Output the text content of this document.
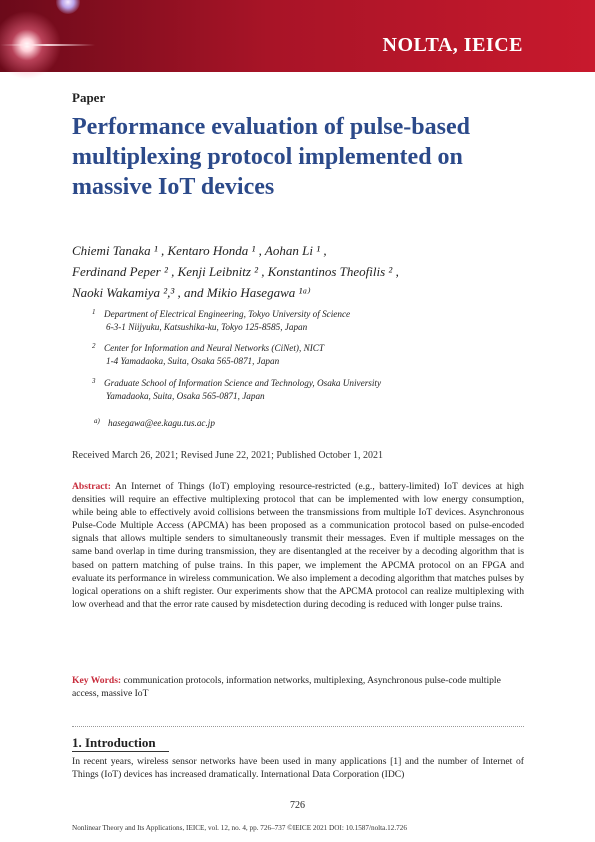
NOLTA, IEICE
Paper
Performance evaluation of pulse-based
multiplexing protocol implemented on
massive IoT devices
Chiemi Tanaka ¹ , Kentaro Honda ¹ , Aohan Li ¹ ,
Ferdinand Peper ² , Kenji Leibnitz ² , Konstantinos Theofilis ² ,
Naoki Wakamiya ²,³ , and Mikio Hasegawa ¹ᵃ⁾
1 Department of Electrical Engineering, Tokyo University of Science
6-3-1 Niijyuku, Katsushika-ku, Tokyo 125-8585, Japan
2 Center for Information and Neural Networks (CiNet), NICT
1-4 Yamadaoka, Suita, Osaka 565-0871, Japan
3 Graduate School of Information Science and Technology, Osaka University
Yamadaoka, Suita, Osaka 565-0871, Japan
a) hasegawa@ee.kagu.tus.ac.jp
Received March 26, 2021; Revised June 22, 2021; Published October 1, 2021
Abstract: An Internet of Things (IoT) employing resource-restricted (e.g., battery-limited) IoT devices at high densities will require an effective multiplexing protocol that can be implemented with low energy consumption, while being able to effectively avoid collisions between the transmissions from multiple IoT devices. Asynchronous Pulse-Code Multiple Access (APCMA) has been proposed as a communication protocol based on pulse-encoded signals that allows multiple senders to simultaneously transmit their messages. Even if multiple messages on the same band overlap in time during transmission, they are disentangled at the receiver by a decoding algorithm that is based on pattern matching of pulse trains. In this paper, we implement the APCMA protocol on an FPGA and evaluate its performance in wireless communication. We also implement a decoding algorithm that matches pulses by logical operations on a shift register. Our experiments show that the APCMA protocol can realize multiplexing with low overhead and that the error rate caused by misdetection during decoding is reduced with longer pulse trains.
Key Words: communication protocols, information networks, multiplexing, Asynchronous pulse-code multiple access, massive IoT
1. Introduction
In recent years, wireless sensor networks have been used in many applications [1] and the number of Internet of Things (IoT) devices has increased dramatically. International Data Corporation (IDC)
726
Nonlinear Theory and Its Applications, IEICE, vol. 12, no. 4, pp. 726–737 ©IEICE 2021 DOI: 10.1587/nolta.12.726
